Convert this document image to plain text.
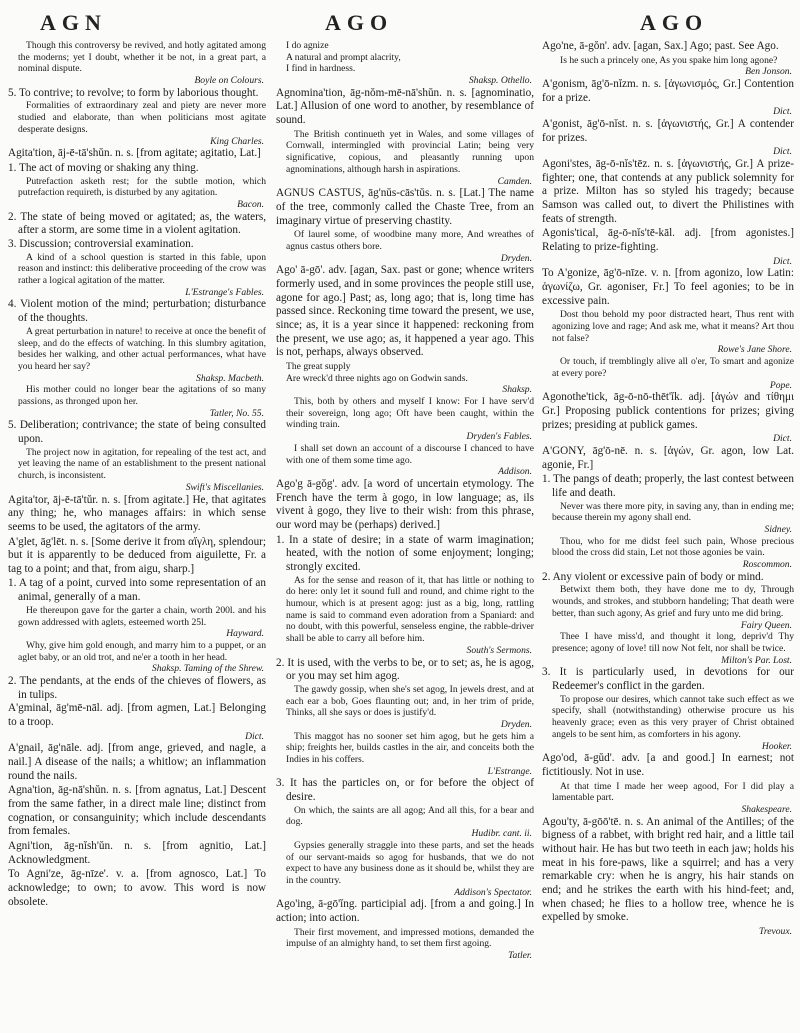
AGN	AGO	AGO
Though this controversy be revived, and hotly agitated among the moderns; yet I doubt, whether it be not, in a great part, a nominal dispute.
Boyle on Colours.
5. To contrive; to revolve; to form by laborious thought.
Formalities of extraordinary zeal and piety are never more studied and elaborate, than when politicians most agitate desperate designs.
King Charles.
Agita'tion, āj-ē-tā'shŭn. n. s. [from agitate; agitatio, Lat.]
1. The act of moving or shaking any thing.
Putrefaction asketh rest; for the subtle motion, which putrefaction requireth, is disturbed by any agitation.
Bacon.
2. The state of being moved or agitated; as, the waters, after a storm, are some time in a violent agitation.
3. Discussion; controversial examination.
A kind of a school question is started in this fable, upon reason and instinct: this deliberative proceeding of the crow was rather a logical agitation of the matter.
L'Estrange's Fables.
4. Violent motion of the mind; perturbation; disturbance of the thoughts.
A great perturbation in nature! to receive at once the benefit of sleep, and do the effects of watching. In this slumbry agitation, besides her walking, and other actual performances, what have you heard her say?
Shaksp. Macbeth.
His mother could no longer bear the agitations of so many passions, as thronged upon her.
Tatler, No. 55.
5. Deliberation; contrivance; the state of being consulted upon.
The project now in agitation, for repealing of the test act, and yet leaving the name of an establishment to the present national church, is inconsistent.
Swift's Miscellanies.
Agita'tor, āj-ē-tā'tŭr. n. s. [from agitate.] He, that agitates any thing; he, who manages affairs: in which sense seems to be used, the agitators of the army.
A'glet, āg'lēt. n. s. [Some derive it from αἴγλη, splendour; but it is apparently to be deduced from aiguilette, Fr. a tag to a point; and that, from aigu, sharp.]
1. A tag of a point, curved into some representation of an animal, generally of a man.
He thereupon gave for the garter a chain, worth 200l. and his gown addressed with aglets, esteemed worth 25l.
Hayward.
Why, give him gold enough, and marry him to a puppet, or an aglet baby, or an old trot, and ne'er a tooth in her head.
Shaksp. Taming of the Shrew.
2. The pendants, at the ends of the chieves of flowers, as in tulips.
A'gminal, āg'mē-nāl. adj. [from agmen, Lat.] Belonging to a troop.
Dict.
A'gnail, āg'nāle. adj. [from ange, grieved, and nagle, a nail.] A disease of the nails; a whitlow; an inflammation round the nails.
Agna'tion, āg-nā'shŭn. n. s. [from agnatus, Lat.] Descent from the same father, in a direct male line; distinct from cognation, or consanguinity; which include descendants from females.
Agni'tion, āg-nĭsh'ŭn. n. s. [from agnitio, Lat.] Acknowledgment.
To Agni'ze, āg-nīze'. v. a. [from agnosco, Lat.] To acknowledge; to own; to avow. This word is now obsolete.
I do agnize
A natural and prompt alacrity,
I find in hardness.
Shaksp. Othello.
Agnomina'tion, āg-nŏm-mē-nā'shŭn. n. s. [agnominatio, Lat.] Allusion of one word to another, by resemblance of sound.
The British continueth yet in Wales, and some villages of Cornwall, intermingled with provincial Latin; being very significative, copious, and pleasantly running upon agnominations, although harsh in aspirations.
Camden.
AGNUS CASTUS, āg'nŭs-cās'tŭs. n. s. [Lat.] The name of the tree, commonly called the Chaste Tree, from an imaginary virtue of preserving chastity.
Of laurel some, of woodbine many more, And wreathes of agnus castus others bore.
Dryden.
Ago' ā-gō'. adv. [agan, Sax. past or gone; whence writers formerly used, and in some provinces the people still use, agone for ago.] Past; as, long ago; that is, long time has passed since. Reckoning time toward the present, we use, since; as, it is a year since it happened: reckoning from the present, we use ago; as, it happened a year ago. This is not, perhaps, always observed.
The great supply
Are wreck'd three nights ago on Godwin sands.
Shaksp.
This, both by others and myself I know: For I have serv'd their sovereign, long ago; Oft have been caught, within the winding train.
Dryden's Fables.
I shall set down an account of a discourse I chanced to have with one of them some time ago.
Addison.
Ago'g ā-gŏg'. adv. [a word of uncertain etymology. The French have the term à gogo, in low language; as, ils vivent à gogo, they live to their wish: from this phrase, our word may be (perhaps) derived.]
1. In a state of desire; in a state of warm imagination; heated, with the notion of some enjoyment; longing; strongly excited.
As for the sense and reason of it, that has little or nothing to do here: only let it sound full and round, and chime right to the humour, which is at present agog: just as a big, long, rattling name is said to command even adoration from a Spaniard: and no doubt, with this powerful, senseless engine, the rabble-driver shall be able to carry all before him.
South's Sermons.
2. It is used, with the verbs to be, or to set; as, he is agog, or you may set him agog.
The gawdy gossip, when she's set agog, In jewels drest, and at each ear a bob, Goes flaunting out; and, in her trim of pride, Thinks, all she says or does is justify'd.
Dryden.
This maggot has no sooner set him agog, but he gets him a ship; freights her, builds castles in the air, and conceits both the Indies in his coffers.
L'Estrange.
3. It has the particles on, or for before the object of desire.
On which, the saints are all agog; And all this, for a bear and dog.
Hudibr. cant. ii.
Gypsies generally straggle into these parts, and set the heads of our servant-maids so agog for husbands, that we do not expect to have any business done as it should be, whilst they are in the country.
Addison's Spectator.
Ago'ing, ā-gō'ĭng. participial adj. [from a and going.] In action; into action.
Their first movement, and impressed motions, demanded the impulse of an almighty hand, to set them first agoing.
Tatler.
Ago'ne, ā-gŏn'. adv. [agan, Sax.] Ago; past. See Ago.
Is he such a princely one, As you spake him long agone?
Ben Jonson.
A'gonism, āg'ō-nĭzm. n. s. [ἀγωνισμός, Gr.] Contention for a prize.
Dict.
A'gonist, āg'ō-nĭst. n. s. [ἀγωνιστής, Gr.] A contender for prizes.
Dict.
Agoni'stes, āg-ō-nĭs'tēz. n. s. [ἀγωνιστής, Gr.] A prize-fighter; one, that contends at any publick solemnity for a prize. Milton has so styled his tragedy; because Samson was called out, to divert the Philistines with feats of strength.
Agonis'tical, āg-ō-nĭs'tē-kāl. adj. [from agonistes.] Relating to prize-fighting.
Dict.
To A'gonize, āg'ō-nīze. v. n. [from agonizo, low Latin: ἀγωνίζω, Gr. agoniser, Fr.] To feel agonies; to be in excessive pain.
Dost thou behold my poor distracted heart, Thus rent with agonizing love and rage; And ask me, what it means? Art thou not false?
Rowe's Jane Shore.
Or touch, if tremblingly alive all o'er, To smart and agonize at every pore?
Pope.
Agonothe'tick, āg-ō-nō-thēt'ĭk. adj. [ἀγών and τίθημι Gr.] Proposing publick contentions for prizes; giving prizes; presiding at publick games.
Dict.
A'GONY, āg'ō-nē. n. s. [ἀγών, Gr. agon, low Lat. agonie, Fr.]
1. The pangs of death; properly, the last contest between life and death.
Never was there more pity, in saving any, than in ending me; because therein my agony shall end.
Sidney.
Thou, who for me didst feel such pain, Whose precious blood the cross did stain, Let not those agonies be vain.
Roscommon.
2. Any violent or excessive pain of body or mind.
Betwixt them both, they have done me to dy, Through wounds, and strokes, and stubborn handeling; That death were better, than such agony, As grief and fury unto me did bring.
Fairy Queen.
Thee I have miss'd, and thought it long, depriv'd Thy presence; agony of love! till now Not felt, nor shall be twice.
Milton's Par. Lost.
3. It is particularly used, in devotions for our Redeemer's conflict in the garden.
To propose our desires, which cannot take such effect as we specify, shall (notwithstanding) otherwise procure us his heavenly grace; even as this very prayer of Christ obtained angels to be sent him, as comforters in his agony.
Hooker.
Ago'od, ā-gŭd'. adv. [a and good.] In earnest; not fictitiously. Not in use.
At that time I made her weep agood, For I did play a lamentable part.
Shakespeare.
Agou'ty, ā-gōō'tē. n. s. An animal of the Antilles; of the bigness of a rabbet, with bright red hair, and a little tail without hair. He has but two teeth in each jaw; holds his meat in his fore-paws, like a squirrel; and has a very remarkable cry: when he is angry, his hair stands on end; and he strikes the earth with his hind-feet; and, when chased; he flies to a hollow tree, whence he is expelled by smoke.
Trevoux.
